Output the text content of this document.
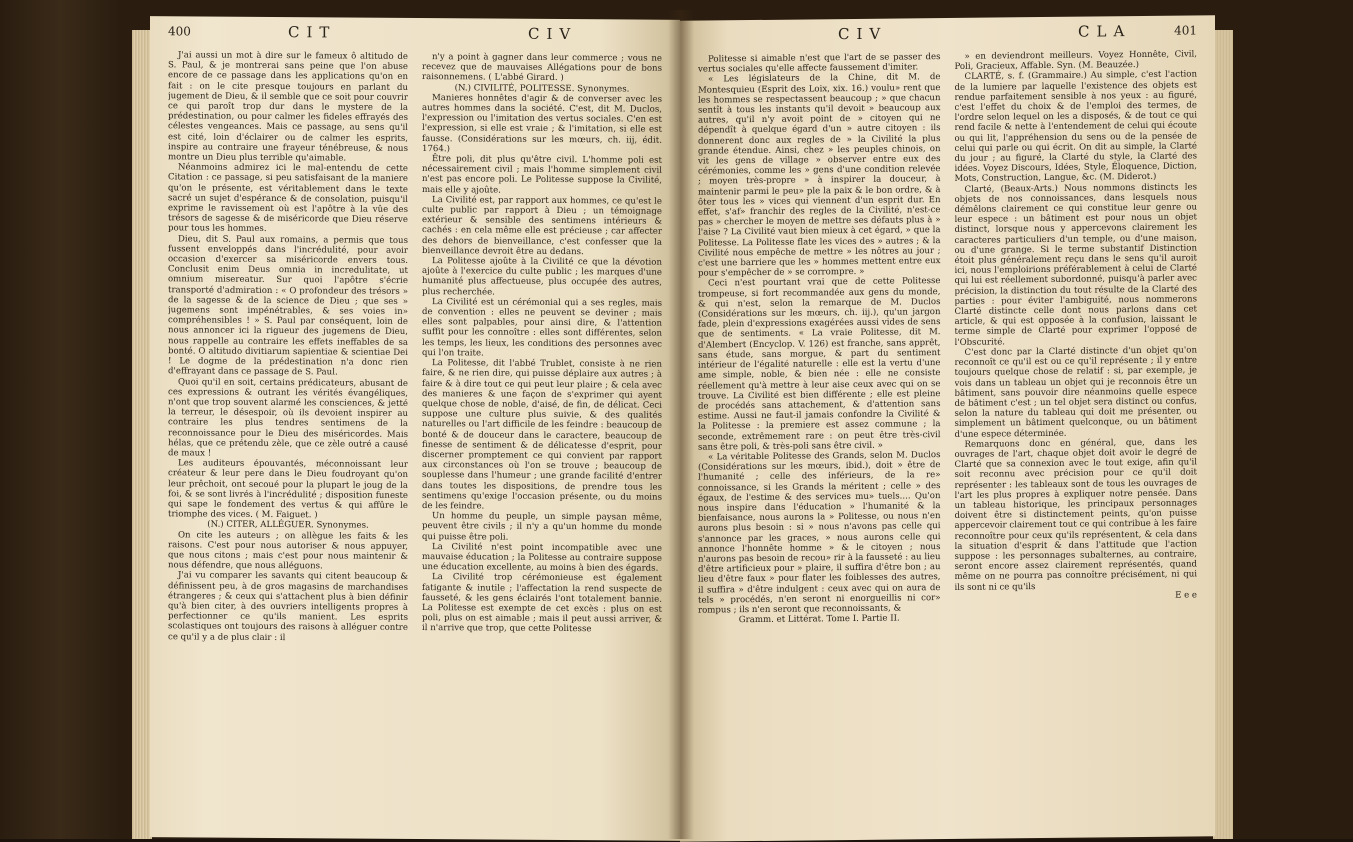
400	CIT	CIV

J'ai aussi un mot à dire sur le fameux ô altitudo de S. Paul, & je montrerai sans peine que l'on abuse encore de ce passage dans les applications qu'on en fait : on le cite presque toujours en parlant du jugement de Dieu, & il semble que ce soit pour couvrir ce qui paroît trop dur dans le mystere de la prédestination, ou pour calmer les fideles effrayés des célestes vengeances. Mais ce passage, au sens qu'il est cité, loin d'éclairer ou de calmer les esprits, inspire au contraire une frayeur ténébreuse, & nous montre un Dieu plus terrible qu'aimable.

Néanmoins admirez ici le mal-entendu de cette Citation : ce passage, si peu satisfaisant de la maniere qu'on le présente, est véritablement dans le texte sacré un sujet d'espérance & de consolation, puisqu'il exprime le ravissement où est l'apôtre à la vûe des trésors de sagesse & de miséricorde que Dieu réserve pour tous les hommes.

Dieu, dit S. Paul aux romains, a permis que tous fussent enveloppés dans l'incrédulité, pour avoir occasion d'exercer sa miséricorde envers tous. Conclusit enim Deus omnia in incredulitate, ut omnium misereatur. Sur quoi l'apôtre s'écrie transporté d'admiration : « O profondeur des trésors » de la sagesse & de la science de Dieu ; que ses » jugemens sont impénétrables, & ses voies in» compréhensibles ! » S. Paul par conséquent, loin de nous annoncer ici la rigueur des jugemens de Dieu, nous rappelle au contraire les effets ineffables de sa bonté. O altitudo divitiarum sapientiae & scientiae Dei ! Le dogme de la prédestination n'a donc rien d'effrayant dans ce passage de S. Paul.

Quoi qu'il en soit, certains prédicateurs, abusant de ces expressions & outrant les vérités évangéliques, n'ont que trop souvent alarmé les consciences, & jetté la terreur, le désespoir, où ils devoient inspirer au contraire les plus tendres sentimens de la reconnoissance pour le Dieu des miséricordes. Mais hélas, que ce prétendu zèle, que ce zèle outré a causé de maux !

Les auditeurs épouvantés, méconnoissant leur créateur & leur pere dans le Dieu foudroyant qu'on leur prêchoit, ont secoué pour la plupart le joug de la foi, & se sont livrés à l'incrédulité ; disposition funeste qui sape le fondement des vertus & qui affûre le triomphe des vices. ( M. Faiguet. )

(N.) CITER, ALLÉGUER. Synonymes.

On cite les auteurs ; on allègue les faits & les raisons. C'est pour nous autoriser & nous appuyer, que nous citons ; mais c'est pour nous maintenir & nous défendre, que nous alléguons.

J'ai vu comparer les savants qui citent beaucoup & définissent peu, à de gros magasins de marchandises étrangeres ; & ceux qui s'attachent plus à bien définir qu'à bien citer, à des ouvriers intelligents propres à perfectionner ce qu'ils manient. Les esprits scolastiques ont toujours des raisons à alléguer contre ce qu'il y a de plus clair : il

n'y a point à gagner dans leur commerce ; vous ne recevez que de mauvaises Allégations pour de bons raisonnemens. ( L'abbé Girard. )

(N.) CIVILITÉ, POLITESSE. Synonymes.

Manieres honnêtes d'agir & de converser avec les autres hommes dans la société. C'est, dit M. Duclos, l'expression ou l'imitation des vertus sociales. C'en est l'expression, si elle est vraie ; & l'imitation, si elle est fausse. (Considérations sur les mœurs, ch. iij, édit. 1764.)

Être poli, dit plus qu'être civil. L'homme poli est nécessairement civil ; mais l'homme simplement civil n'est pas encore poli. Le Politesse suppose la Civilité, mais elle y ajoûte.

La Civilité est, par rapport aux hommes, ce qu'est le culte public par rapport à Dieu ; un témoignage extérieur & sensible des sentimens intérieurs & cachés : en cela même elle est précieuse ; car affecter des dehors de bienveillance, c'est confesser que la bienveillance devroit être au dedans.

La Politesse ajoûte à la Civilité ce que la dévotion ajoûte à l'exercice du culte public ; les marques d'une humanité plus affectueuse, plus occupée des autres, plus recherchée.

La Civilité est un cérémonial qui a ses regles, mais de convention : elles ne peuvent se deviner ; mais elles sont palpables, pour ainsi dire, & l'attention suffit pour les connoître : elles sont différentes, selon les temps, les lieux, les conditions des personnes avec qui l'on traite.

La Politesse, dit l'abbé Trublet, consiste à ne rien faire, & ne rien dire, qui puisse déplaire aux autres ; à faire & à dire tout ce qui peut leur plaire ; & cela avec des manieres & une façon de s'exprimer qui ayent quelque chose de noble, d'aisé, de fin, de délicat. Ceci suppose une culture plus suivie, & des qualités naturelles ou l'art difficile de les feindre : beaucoup de bonté & de douceur dans le caractere, beaucoup de finesse de sentiment & de délicatesse d'esprit, pour discerner promptement ce qui convient par rapport aux circonstances où l'on se trouve ; beaucoup de souplesse dans l'humeur ; une grande facilité d'entrer dans toutes les dispositions, de prendre tous les sentimens qu'exige l'occasion présente, ou du moins de les feindre.

Un homme du peuple, un simple paysan même, peuvent être civils ; il n'y a qu'un homme du monde qui puisse être poli.

La Civilité n'est point incompatible avec une mauvaise éducation ; la Politesse au contraire suppose une éducation excellente, au moins à bien des égards.

La Civilité trop cérémonieuse est également fatigante & inutile ; l'affectation la rend suspecte de fausseté, & les gens éclairés l'ont totalement bannie. La Politesse est exempte de cet excès : plus on est poli, plus on est aimable ; mais il peut aussi arriver, & il n'arrive que trop, que cette Politesse

CIV	CLA	401

Politesse si aimable n'est que l'art de se passer des vertus sociales qu'elle affecte faussement d'imiter.

« Les législateurs de la Chine, dit M. de Montesquieu (Esprit des Loix, xix. 16.) voulu» rent que les hommes se respectassent beaucoup ; » que chacun sentît à tous les instants qu'il devoit » beaucoup aux autres, qu'il n'y avoit point de » citoyen qui ne dépendît à quelque égard d'un » autre citoyen : ils donnerent donc aux regles de » la Civilité la plus grande étendue. Ainsi, chez » les peuples chinois, on vit les gens de village » observer entre eux des cérémonies, comme les » gens d'une condition relevée ; moyen très-propre » à inspirer la douceur, à maintenir parmi le peu» ple la paix & le bon ordre, & à ôter tous les » vices qui viennent d'un esprit dur. En effet, s'af» franchir des regles de la Civilité, n'est-ce pas » chercher le moyen de mettre ses défauts plus à » l'aise ? La Civilité vaut bien mieux à cet égard, » que la Politesse. La Politesse flate les vices des » autres ; & la Civilité nous empêche de mettre » les nôtres au jour ; c'est une barriere que les » hommes mettent entre eux pour s'empêcher de » se corrompre. »

Ceci n'est pourtant vrai que de cette Politesse trompeuse, si fort recommandée aux gens du monde, & qui n'est, selon la remarque de M. Duclos (Considérations sur les mœurs, ch. iij.), qu'un jargon fade, plein d'expressions exagérées aussi vides de sens que de sentiments. « La vraie Politesse, dit M. d'Alembert (Encyclop. V. 126) est franche, sans apprêt, sans étude, sans morgue, & part du sentiment intérieur de l'égalité naturelle : elle est la vertu d'une ame simple, noble, & bien née : elle ne consiste réellement qu'à mettre à leur aise ceux avec qui on se trouve. La Civilité est bien différente ; elle est pleine de procédés sans attachement, & d'attention sans estime. Aussi ne faut-il jamais confondre la Civilité & la Politesse : la premiere est assez commune ; la seconde, extrêmement rare : on peut être très-civil sans être poli, & très-poli sans être civil. »

« La véritable Politesse des Grands, selon M. Duclos (Considérations sur les mœurs, ibid.), doit » être de l'humanité ; celle des inférieurs, de la re» connoissance, si les Grands la méritent ; celle » des égaux, de l'estime & des services mu» tuels.... Qu'on nous inspire dans l'éducation » l'humanité & la bienfaisance, nous aurons la » Politesse, ou nous n'en aurons plus besoin : si » nous n'avons pas celle qui s'annonce par les graces, » nous aurons celle qui annonce l'honnête homme » & le citoyen ; nous n'aurons pas besoin de recou» rir à la fausseté : au lieu d'être artificieux pour » plaire, il suffira d'être bon ; au lieu d'être faux » pour flater les foiblesses des autres, il suffira » d'être indulgent : ceux avec qui on aura de tels » procédés, n'en seront ni enorgueillis ni cor» rompus ; ils n'en seront que reconnoissants, &

Gramm. et Littérat. Tome I. Partie II.

» en deviendront meilleurs. Voyez Honnête, Civil, Poli, Gracieux, Affable. Syn. (M. Beauzée.)

CLARTÉ, s. f. (Grammaire.) Au simple, c'est l'action de la lumiere par laquelle l'existence des objets est rendue parfaitement sensible à nos yeux : au figuré, c'est l'effet du choix & de l'emploi des termes, de l'ordre selon lequel on les a disposés, & de tout ce qui rend facile & nette à l'entendement de celui qui écoute ou qui lit, l'appréhension du sens ou de la pensée de celui qui parle ou qui écrit. On dit au simple, la Clarté du jour ; au figuré, la Clarté du style, la Clarté des idées. Voyez Discours, Idées, Style, Éloquence, Diction, Mots, Construction, Langue, &c. (M. Diderot.)

Clarté, (Beaux-Arts.) Nous nommons distincts les objets de nos connoissances, dans lesquels nous démêlons clairement ce qui constitue leur genre ou leur espece : un bâtiment est pour nous un objet distinct, lorsque nous y appercevons clairement les caracteres particuliers d'un temple, ou d'une maison, ou d'une grange. Si le terme substantif Distinction étoit plus généralement reçu dans le sens qu'il auroit ici, nous l'emploirions préférablement à celui de Clarté qui lui est réellement subordonné, puisqu'à parler avec précision, la distinction du tout résulte de la Clarté des parties : pour éviter l'ambiguité, nous nommerons Clarté distincte celle dont nous parlons dans cet article, & qui est opposée à la confusion, laissant le terme simple de Clarté pour exprimer l'opposé de l'Obscurité.

C'est donc par la Clarté distincte d'un objet qu'on reconnoît ce qu'il est ou ce qu'il représente ; il y entre toujours quelque chose de relatif : si, par exemple, je vois dans un tableau un objet qui je reconnois être un bâtiment, sans pouvoir dire néanmoins quelle espece de bâtiment c'est ; un tel objet sera distinct ou confus, selon la nature du tableau qui doit me présenter, ou simplement un bâtiment quelconque, ou un bâtiment d'une espece déterminée.

Remarquons donc en général, que, dans les ouvrages de l'art, chaque objet doit avoir le degré de Clarté que sa connexion avec le tout exige, afin qu'il soit reconnu avec précision pour ce qu'il doit représenter : les tableaux sont de tous les ouvrages de l'art les plus propres à expliquer notre pensée. Dans un tableau historique, les principaux personnages doivent être si distinctement peints, qu'on puisse appercevoir clairement tout ce qui contribue à les faire reconnoître pour ceux qu'ils représentent, & cela dans la situation d'esprit & dans l'attitude que l'action suppose : les personnages subalternes, au contraire, seront encore assez clairement représentés, quand même on ne pourra pas connoître précisément, ni qui ils sont ni ce qu'ils

E e e
